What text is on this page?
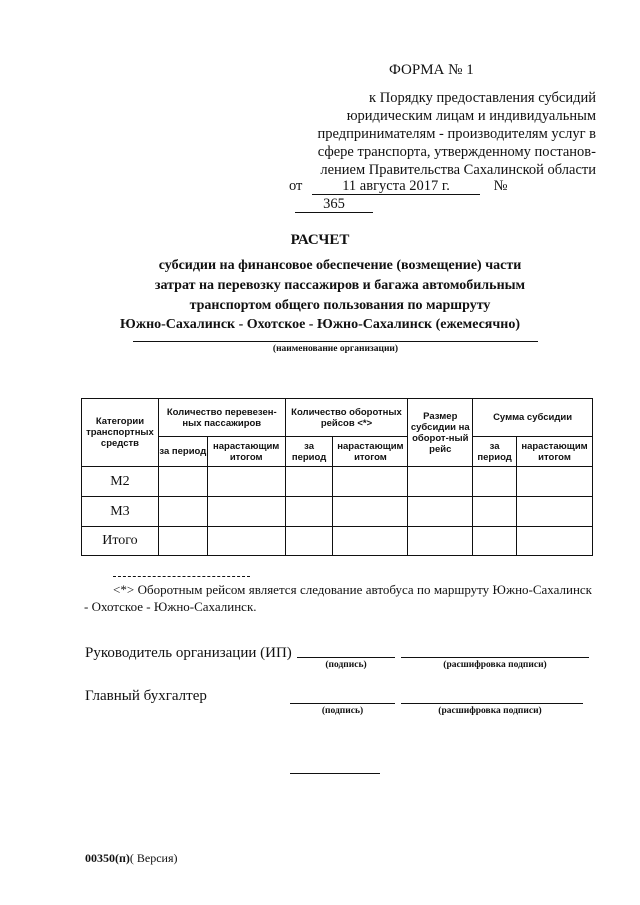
ФОРМА № 1
к Порядку предоставления субсидий
юридическим лицам и индивидуальным
предпринимателям - производителям услуг в
сфере транспорта, утвержденному постанов-
лением Правительства Сахалинской области
от	11 августа 2017 г.	№ 365
РАСЧЕТ
субсидии на финансовое обеспечение (возмещение) части
затрат на перевозку пассажиров и багажа автомобильным
транспортом общего пользования по маршруту
Южно-Сахалинск - Охотское - Южно-Сахалинск (ежемесячно)
(наименование организации)
Категории транспортных средств	Количество перевезен-ных пассажиров		Количество оборотных рейсов <*>		Размер субсидии на оборот-ный рейс	Сумма субсидии	
	за период	нарастающим итогом	за период	нарастающим итогом		за период	нарастающим итогом
М2							
М3							
Итого							
<*> Оборотным рейсом является следование автобуса по маршруту Южно-Сахалинск - Охотское - Южно-Сахалинск.
Руководитель организации (ИП)
(подпись)	(расшифровка подписи)
Главный бухгалтер
(подпись)	(расшифровка подписи)
00350(п)( Версия)
